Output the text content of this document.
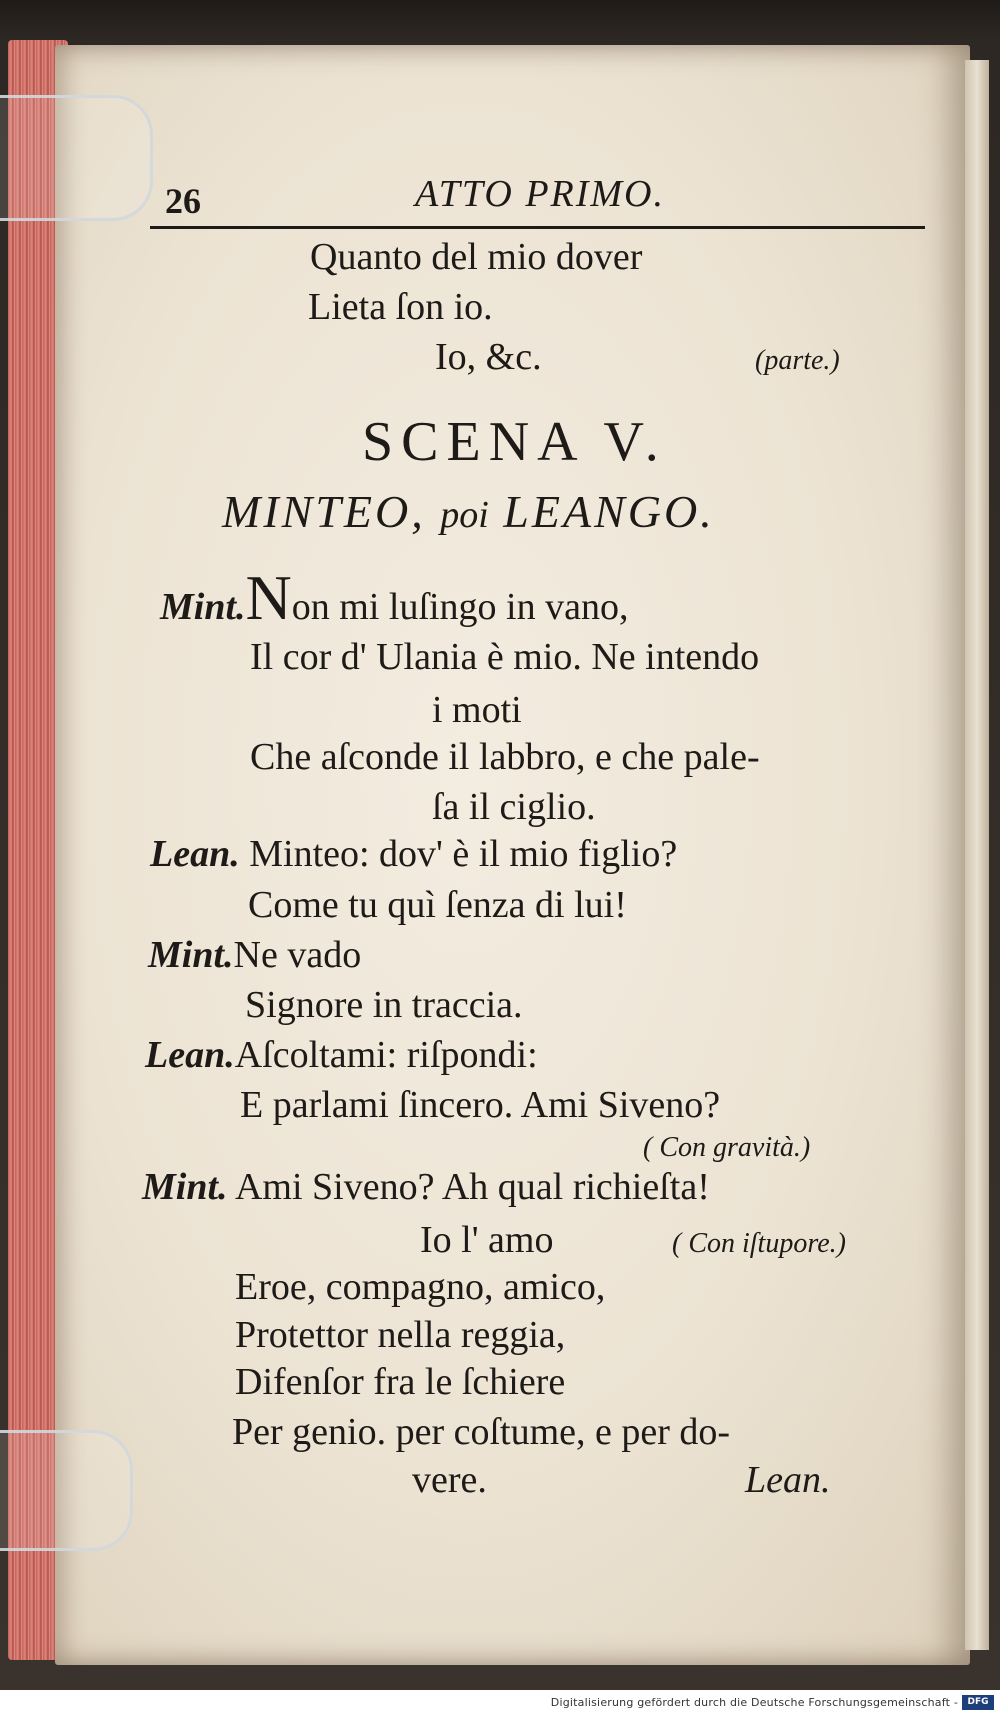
26	ATTO PRIMO.
Quanto del mio dover
Lieta ſon io.
Io, &c.	(parte.)
SCENA V.
MINTEO, poi LEANGO.
Mint.Non mi luſingo in vano,
Il cor d' Ulania è mio. Ne intendo
i moti
Che aſconde il labbro, e che pale-
ſa il ciglio.
Lean. Minteo: dov' è il mio figlio?
Come tu quì ſenza di lui!
Mint.Ne vado
Signore in traccia.
Lean.Aſcoltami: riſpondi:
E parlami ſincero. Ami Siveno?
( Con gravità.)
Mint. Ami Siveno? Ah qual richieſta!
Io l' amo	( Con iſtupore.)
Eroe, compagno, amico,
Protettor nella reggia,
Difenſor fra le ſchiere
Per genio. per coſtume, e per do-
vere.	Lean.
Digitalisierung gefördert durch die Deutsche Forschungsgemeinschaft -	DFG
